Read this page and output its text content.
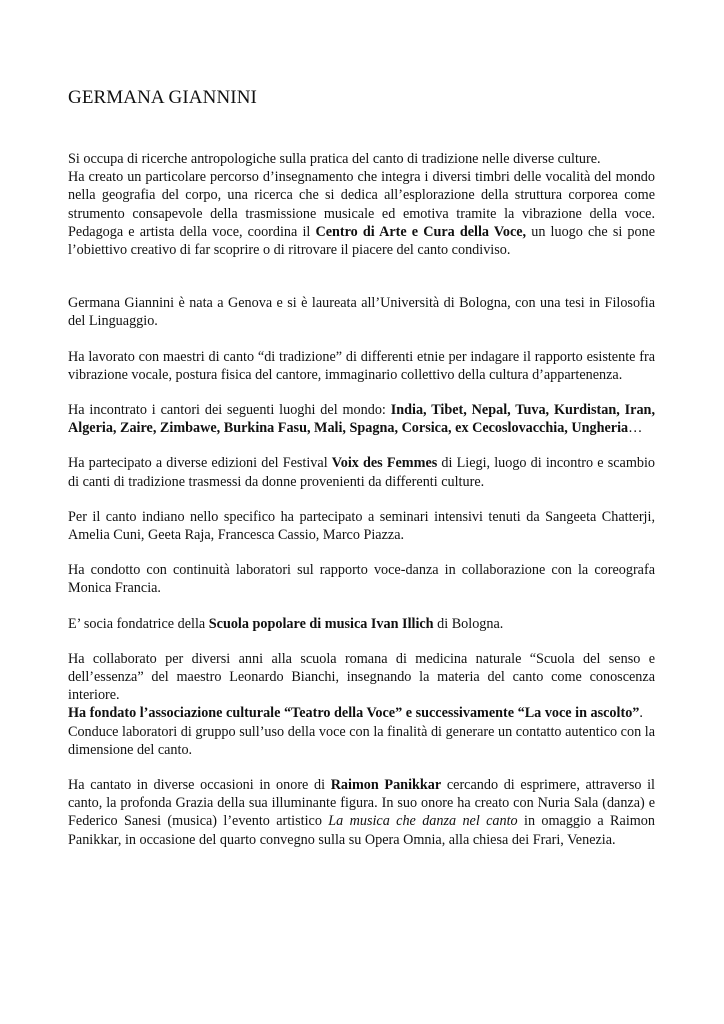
GERMANA GIANNINI

Si occupa di ricerche antropologiche sulla pratica del canto di tradizione nelle diverse culture.

Ha creato un particolare percorso d’insegnamento che integra i diversi timbri delle vocalità del mondo nella geografia del corpo, una ricerca che si dedica all’esplorazione della struttura corporea come strumento consapevole della trasmissione musicale ed emotiva tramite la vibrazione della voce. Pedagoga e artista della voce, coordina il Centro di Arte e Cura della Voce, un luogo che si pone l’obiettivo creativo di far scoprire o di ritrovare il piacere del canto condiviso.

Germana Giannini è nata a Genova e si è laureata all’Università di Bologna, con una tesi in Filosofia del Linguaggio.

Ha lavorato con maestri di canto “di tradizione” di differenti etnie per indagare il rapporto esistente fra vibrazione vocale, postura fisica del cantore, immaginario collettivo della cultura d’appartenenza.

Ha incontrato i cantori dei seguenti luoghi del mondo: India, Tibet, Nepal, Tuva, Kurdistan, Iran, Algeria, Zaire, Zimbawe, Burkina Fasu, Mali, Spagna, Corsica, ex Cecoslovacchia, Ungheria…

Ha partecipato a diverse edizioni del Festival Voix des Femmes di Liegi, luogo di incontro e scambio di canti di tradizione trasmessi da donne provenienti da differenti culture.

Per il canto indiano nello specifico ha partecipato a seminari intensivi tenuti da Sangeeta Chatterji, Amelia Cuni, Geeta Raja, Francesca Cassio, Marco Piazza.

Ha condotto con continuità laboratori sul rapporto voce-danza in collaborazione con la coreografa Monica Francia.

E’ socia fondatrice della Scuola popolare di musica Ivan Illich di Bologna.

Ha collaborato per diversi anni alla scuola romana di medicina naturale “Scuola del senso e dell’essenza” del maestro Leonardo Bianchi, insegnando la materia del canto come conoscenza interiore.

Ha fondato l’associazione culturale “Teatro della Voce” e successivamente “La voce in ascolto”.

Conduce laboratori di gruppo sull’uso della voce con la finalità di generare un contatto autentico con la dimensione del canto.

Ha cantato in diverse occasioni in onore di Raimon Panikkar cercando di esprimere, attraverso il canto, la profonda Grazia della sua illuminante figura. In suo onore ha creato con Nuria Sala (danza) e Federico Sanesi (musica) l’evento artistico La musica che danza nel canto in omaggio a Raimon Panikkar, in occasione del quarto convegno sulla su Opera Omnia, alla chiesa dei Frari, Venezia.
